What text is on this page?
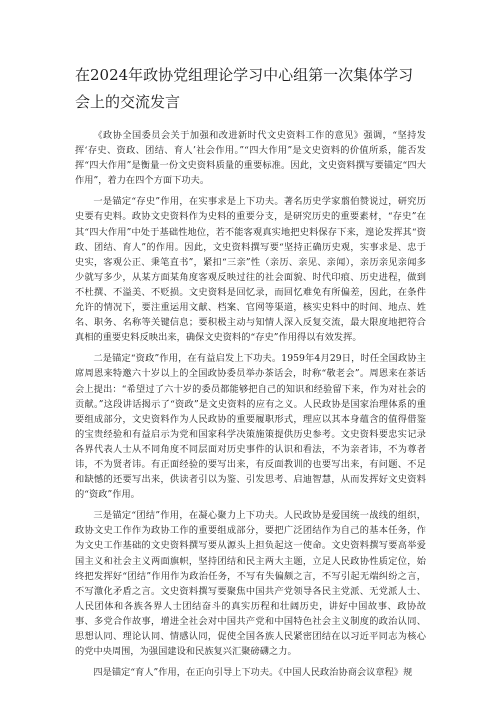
在2024年政协党组理论学习中心组第一次集体学习会上的交流发言

《政协全国委员会关于加强和改进新时代文史资料工作的意见》强调，“坚持发挥‘存史、资政、团结、育人’社会作用。”“四大作用”是文史资料的价值所系，能否发挥“四大作用”是衡量一份文史资料质量的重要标准。因此，文史资料撰写要锚定“四大作用”，着力在四个方面下功夫。

一是锚定“存史”作用，在实事求是上下功夫。著名历史学家翦伯赞说过，研究历史要有史料。政协文史资料作为史料的重要分支，是研究历史的重要素材，“存史”在其“四大作用”中处于基础性地位，若不能客观真实地把史料保存下来，遑论发挥其“资政、团结、育人”的作用。因此，文史资料撰写要“坚持正确历史观，实事求是、忠于史实，客观公正、秉笔直书”，紧扣“三亲”性（亲历、亲见、亲闻），亲历亲见亲闻多少就写多少，从某方面某角度客观反映过往的社会面貌、时代印痕、历史进程，做到不杜撰、不溢美、不贬损。文史资料是回忆录，而回忆难免有所偏差，因此，在条件允许的情况下，要注重运用文献、档案、官网等渠道，核实史料中的时间、地点、姓名、职务、名称等关键信息；要积极主动与知情人深入反复交流，最大限度地把符合真相的重要史料反映出来，确保文史资料的“存史”作用得以有效发挥。

二是锚定“资政”作用，在有益启发上下功夫。1959年4月29日，时任全国政协主席周恩来特邀六十岁以上的全国政协委员举办茶话会，时称“敬老会”。周恩来在茶话会上提出：“希望过了六十岁的委员都能够把自己的知识和经验留下来，作为对社会的贡献。”这段讲话揭示了“资政”是文史资料的应有之义。人民政协是国家治理体系的重要组成部分，文史资料作为人民政协的重要履职形式，理应以其本身蕴含的值得借鉴的宝贵经验和有益启示为党和国家科学决策施策提供历史参考。文史资料要忠实记录各界代表人士从不同角度不同层面对历史事件的认识和看法，不为亲者讳，不为尊者讳，不为贤者讳。有正面经验的要写出来，有反面教训的也要写出来，有问题、不足和缺憾的还要写出来，供读者引以为鉴、引发思考、启迪智慧，从而发挥好文史资料的“资政”作用。

三是锚定“团结”作用，在凝心聚力上下功夫。人民政协是爱国统一战线的组织，政协文史工作作为政协工作的重要组成部分，要把广泛团结作为自己的基本任务，作为文史工作基础的文史资料撰写要从源头上担负起这一使命。文史资料撰写要高举爱国主义和社会主义两面旗帜，坚持团结和民主两大主题，立足人民政协性质定位，始终把发挥好“团结”作用作为政治任务，不写有失偏颇之言，不写引起无端纠纷之言，不写激化矛盾之言。文史资料撰写要聚焦中国共产党领导各民主党派、无党派人士、人民团体和各族各界人士团结奋斗的真实历程和壮阔历史，讲好中国故事、政协故事、多党合作故事，增进全社会对中国共产党和中国特色社会主义制度的政治认同、思想认同、理论认同、情感认同，促使全国各族人民紧密团结在以习近平同志为核心的党中央周围，为强国建设和民族复兴汇聚磅礴之力。

四是锚定“育人”作用，在正向引导上下功夫。《中国人民政治协商会议章程》规
